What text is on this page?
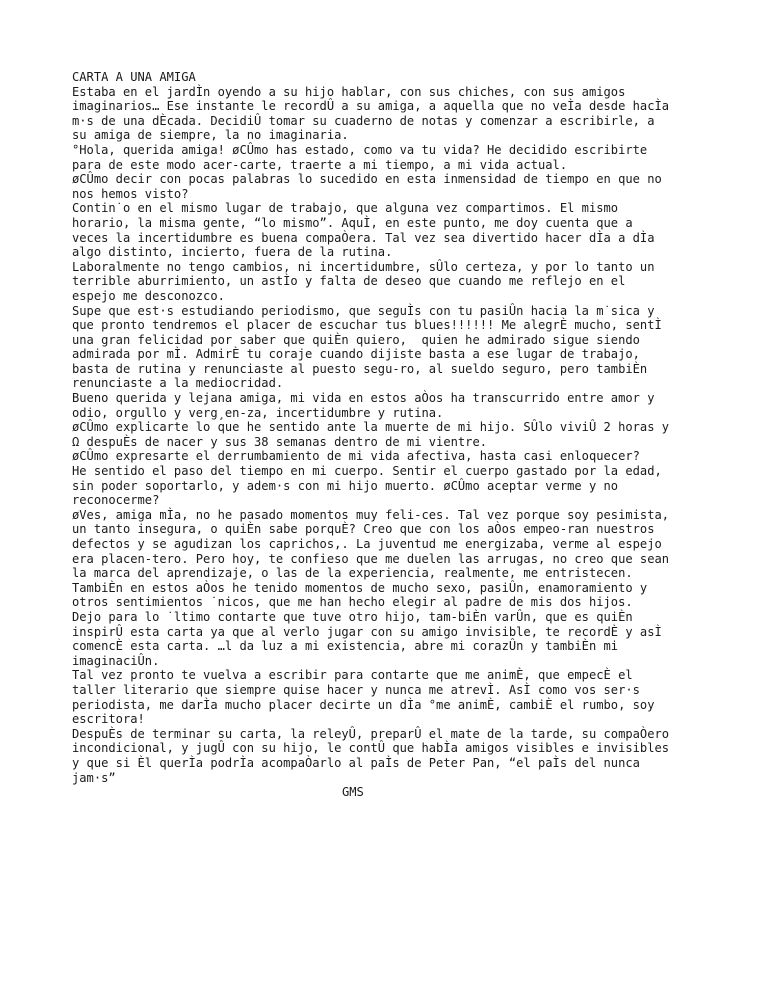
CARTA A UNA AMIGA
Estaba en el jardÌn oyendo a su hijo hablar, con sus chiches, con sus amigos
imaginarios… Ese instante le recordÛ a su amiga, a aquella que no veÌa desde hacÌa
m·s de una dÈcada. DecidiÛ tomar su cuaderno de notas y comenzar a escribirle, a
su amiga de siempre, la no imaginaria.
°Hola, querida amiga! øCÛmo has estado, como va tu vida? He decidido escribirte
para de este modo acer-carte, traerte a mi tiempo, a mi vida actual.
øCÛmo decir con pocas palabras lo sucedido en esta inmensidad de tiempo en que no
nos hemos visto?
Contin˙o en el mismo lugar de trabajo, que alguna vez compartimos. El mismo
horario, la misma gente, “lo mismo”. AquÌ, en este punto, me doy cuenta que a
veces la incertidumbre es buena compaÒera. Tal vez sea divertido hacer dÌa a dÌa
algo distinto, incierto, fuera de la rutina.
Laboralmente no tengo cambios, ni incertidumbre, sÛlo certeza, y por lo tanto un
terrible aburrimiento, un astÌo y falta de deseo que cuando me reflejo en el
espejo me desconozco.
Supe que est·s estudiando periodismo, que seguÌs con tu pasiÛn hacia la m˙sica y
que pronto tendremos el placer de escuchar tus blues!!!!!! Me alegrÈ mucho, sentÌ
una gran felicidad por saber que quiÈn quiero,  quien he admirado sigue siendo
admirada por mÌ. AdmirÈ tu coraje cuando dijiste basta a ese lugar de trabajo,
basta de rutina y renunciaste al puesto segu-ro, al sueldo seguro, pero tambiÈn
renunciaste a la mediocridad.
Bueno querida y lejana amiga, mi vida en estos aÒos ha transcurrido entre amor y
odio, orgullo y verg¸en-za, incertidumbre y rutina.
øCÛmo explicarte lo que he sentido ante la muerte de mi hijo. SÛlo viviÛ 2 horas y
Ω despuÈs de nacer y sus 38 semanas dentro de mi vientre.
øCÛmo expresarte el derrumbamiento de mi vida afectiva, hasta casi enloquecer?
He sentido el paso del tiempo en mi cuerpo. Sentir el cuerpo gastado por la edad,
sin poder soportarlo, y adem·s con mi hijo muerto. øCÛmo aceptar verme y no
reconocerme?
øVes, amiga mÌa, no he pasado momentos muy feli-ces. Tal vez porque soy pesimista,
un tanto insegura, o quiÈn sabe porquÈ? Creo que con los aÒos empeo-ran nuestros
defectos y se agudizan los caprichos,. La juventud me energizaba, verme al espejo
era placen-tero. Pero hoy, te confieso que me duelen las arrugas, no creo que sean
la marca del aprendizaje, o las de la experiencia, realmente, me entristecen.
TambiÈn en estos aÒos he tenido momentos de mucho sexo, pasiÛn, enamoramiento y
otros sentimientos ˙nicos, que me han hecho elegir al padre de mis dos hijos.
Dejo para lo ˙ltimo contarte que tuve otro hijo, tam-biÈn varÛn, que es quiÈn
inspirÛ esta carta ya que al verlo jugar con su amigo invisible, te recordÈ y asÌ
comencÈ esta carta. …l da luz a mi existencia, abre mi corazÛn y tambiÈn mi
imaginaciÛn.
Tal vez pronto te vuelva a escribir para contarte que me animÈ, que empecÈ el
taller literario que siempre quise hacer y nunca me atrevÌ. AsÌ como vos ser·s
periodista, me darÌa mucho placer decirte un dÌa °me animÈ, cambiÈ el rumbo, soy
escritora!
DespuÈs de terminar su carta, la releyÛ, preparÛ el mate de la tarde, su compaÒero
incondicional, y jugÛ con su hijo, le contÛ que habÌa amigos visibles e invisibles
y que si Èl querÌa podrÌa acompaÒarlo al paÌs de Peter Pan, “el paÌs del nunca
jam·s”
GMS
